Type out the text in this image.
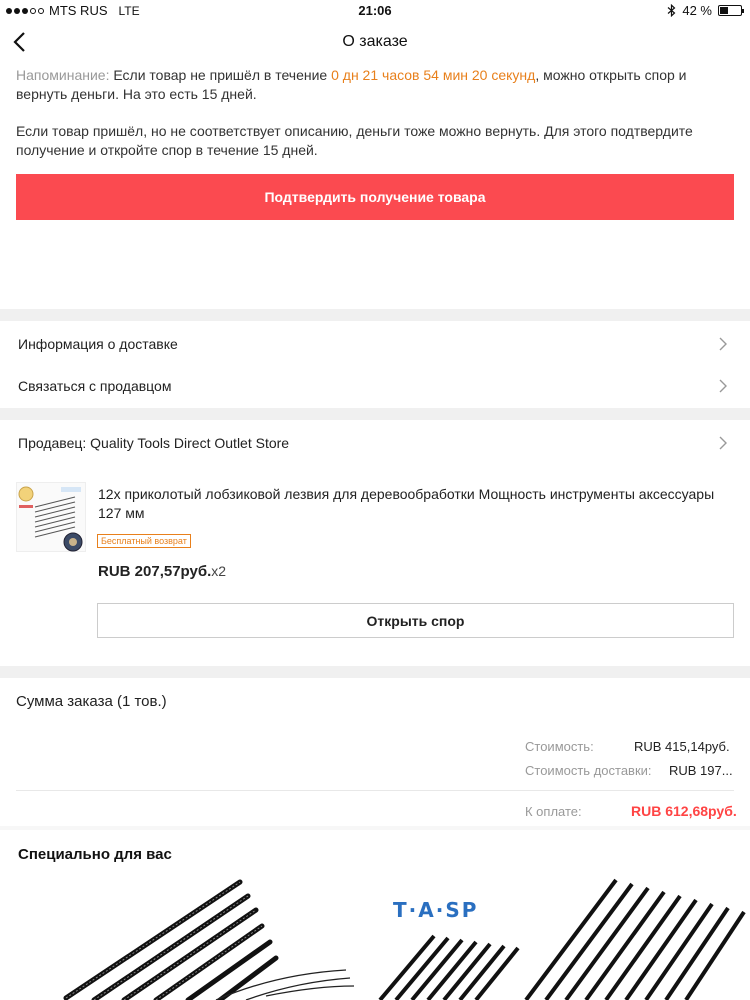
MTS RUS LTE	21:06	42 %
О заказе
Напоминание: Если товар не пришёл в течение 0 дн 21 часов 54 мин 20 секунд, можно открыть спор и вернуть деньги. На это есть 15 дней.
Если товар пришёл, но не соответствует описанию, деньги тоже можно вернуть. Для этого подтвердите получение и откройте спор в течение 15 дней.
Подтвердить получение товара
Информация о доставке
Связаться с продавцом
Продавец: Quality Tools Direct Outlet Store
12x приколотый лобзиковой лезвия для деревообработки Мощность инструменты аксессуары 127 мм
Бесплатный возврат
RUB 207,57руб.x2
Открыть спор
Сумма заказа (1 тов.)
Стоимость:	RUB 415,14руб.
Стоимость доставки: RUB 197...
К оплате:	RUB 612,68руб.
Специально для вас
T·A·SP
